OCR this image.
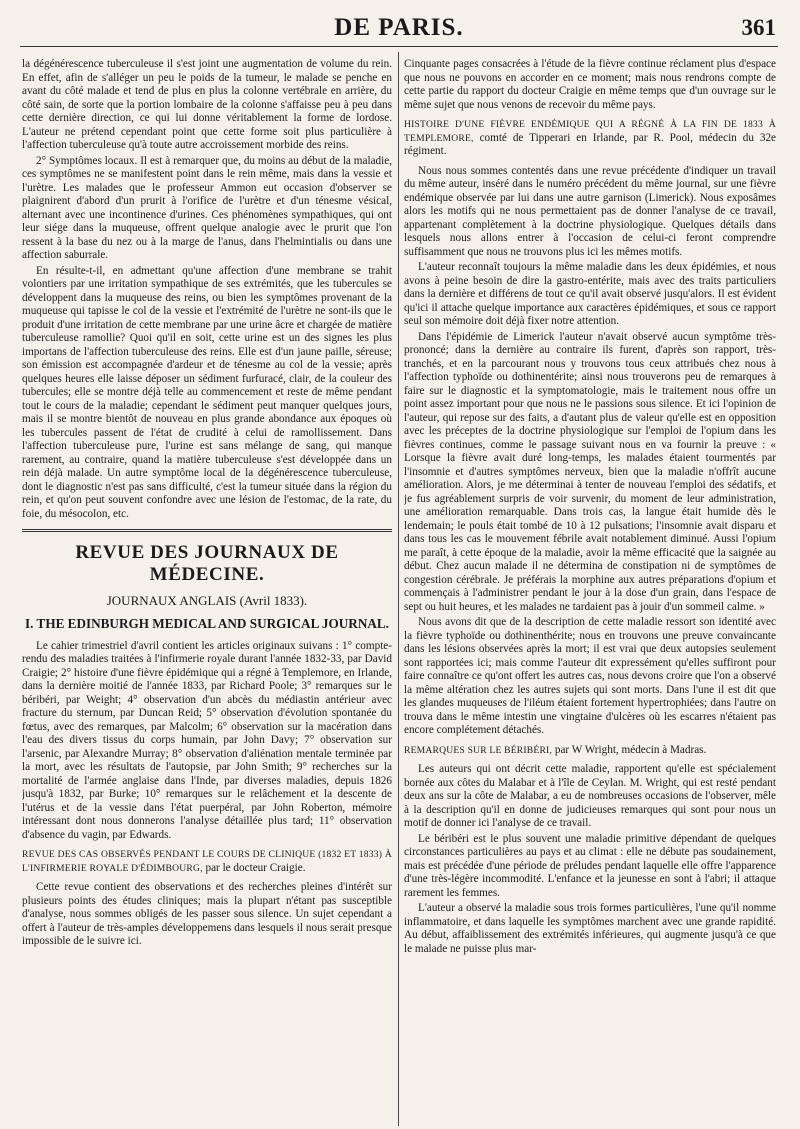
DE PARIS.	361

la dégénérescence tuberculeuse il s'est joint une augmentation de volume du rein. En effet, afin de s'alléger un peu le poids de la tumeur, le malade se penche en avant du côté malade et tend de plus en plus la colonne vertébrale en arrière, du côté sain, de sorte que la portion lombaire de la colonne s'affaisse peu à peu dans cette dernière direction, ce qui lui donne véritablement la forme de lordose. L'auteur ne prétend cependant point que cette forme soit plus particulière à l'affection tuberculeuse qu'à toute autre accroissement morbide des reins.

2° Symptômes locaux. Il est à remarquer que, du moins au début de la maladie, ces symptômes ne se manifestent point dans le rein même, mais dans la vessie et l'urètre. Les malades que le professeur Ammon eut occasion d'observer se plaignirent d'abord d'un prurit à l'orifice de l'urètre et d'un ténesme vésical, alternant avec une incontinence d'urines. Ces phénomènes sympathiques, qui ont leur siége dans la muqueuse, offrent quelque analogie avec le prurit que l'on ressent à la base du nez ou à la marge de l'anus, dans l'helmintialis ou dans une affection saburrale.

En résulte-t-il, en admettant qu'une affection d'une membrane se trahit volontiers par une irritation sympathique de ses extrémités, que les tubercules se développent dans la muqueuse des reins, ou bien les symptômes provenant de la muqueuse qui tapisse le col de la vessie et l'extrémité de l'urètre ne sont-ils que le produit d'une irritation de cette membrane par une urine âcre et chargée de matière tuberculeuse ramollie? Quoi qu'il en soit, cette urine est un des signes les plus importans de l'affection tuberculeuse des reins. Elle est d'un jaune paille, séreuse; son émission est accompagnée d'ardeur et de ténesme au col de la vessie; après quelques heures elle laisse déposer un sédiment furfuracé, clair, de la couleur des tubercules; elle se montre déjà telle au commencement et reste de même pendant tout le cours de la maladie; cependant le sédiment peut manquer quelques jours, mais il se montre bientôt de nouveau en plus grande abondance aux époques où les tubercules passent de l'état de crudité à celui de ramollissement. Dans l'affection tuberculeuse pure, l'urine est sans mélange de sang, qui manque rarement, au contraire, quand la matière tuberculeuse s'est développée dans un rein déjà malade. Un autre symptôme local de la dégénérescence tuberculeuse, dont le diagnostic n'est pas sans difficulté, c'est la tumeur située dans la région du rein, et qu'on peut souvent confondre avec une lésion de l'estomac, de la rate, du foie, du mésocolon, etc.

REVUE DES JOURNAUX DE MÉDECINE.
JOURNAUX ANGLAIS (Avril 1833).
I. THE EDINBURGH MEDICAL AND SURGICAL JOURNAL.

Le cahier trimestriel d'avril contient les articles originaux suivans : 1° compte-rendu des maladies traitées à l'infirmerie royale durant l'année 1832-33, par David Craigie; 2° histoire d'une fièvre épidémique qui a régné à Templemore, en Irlande, dans la dernière moitié de l'année 1833, par Richard Poole; 3° remarques sur le béribéri, par Weight; 4° observation d'un abcès du médiastin antérieur avec fracture du sternum, par Duncan Reid; 5° observation d'évolution spontanée du fœtus, avec des remarques, par Malcolm; 6° observation sur la macération dans l'eau des divers tissus du corps humain, par John Davy; 7° observation sur l'arsenic, par Alexandre Murray; 8° observation d'aliénation mentale terminée par la mort, avec les résultats de l'autopsie, par John Smith; 9° recherches sur la mortalité de l'armée anglaise dans l'Inde, par diverses maladies, depuis 1826 jusqu'à 1832, par Burke; 10° remarques sur le relâchement et la descente de l'utérus et de la vessie dans l'état puerpéral, par John Roberton, mémoire intéressant dont nous donnerons l'analyse détaillée plus tard; 11° observation d'absence du vagin, par Edwards.

REVUE DES CAS OBSERVÉS PENDANT LE COURS DE CLINIQUE (1832 ET 1833) À L'INFIRMERIE ROYALE D'ÉDIMBOURG, par le docteur Craigie.

Cette revue contient des observations et des recherches pleines d'intérêt sur plusieurs points des études cliniques; mais la plupart n'étant pas susceptible d'analyse, nous sommes obligés de les passer sous silence. Un sujet cependant a offert à l'auteur de très-amples développemens dans lesquels il nous serait presque impossible de le suivre ici.

Cinquante pages consacrées à l'étude de la fièvre continue réclament plus d'espace que nous ne pouvons en accorder en ce moment; mais nous rendrons compte de cette partie du rapport du docteur Craigie en même temps que d'un ouvrage sur le même sujet que nous venons de recevoir du même pays.

HISTOIRE D'UNE FIÈVRE ENDÉMIQUE QUI A RÉGNÉ À LA FIN DE 1833 À TEMPLEMORE, comté de Tipperari en Irlande, par R. Pool, médecin du 32e régiment.

Nous nous sommes contentés dans une revue précédente d'indiquer un travail du même auteur, inséré dans le numéro précédent du même journal, sur une fièvre endémique observée par lui dans une autre garnison (Limerick). Nous exposâmes alors les motifs qui ne nous permettaient pas de donner l'analyse de ce travail, appartenant complètement à la doctrine physiologique. Quelques détails dans lesquels nous allons entrer à l'occasion de celui-ci feront comprendre suffisamment que nous ne trouvons plus ici les mêmes motifs.

L'auteur reconnaît toujours la même maladie dans les deux épidémies, et nous avons à peine besoin de dire la gastro-entérite, mais avec des traits particuliers dans la dernière et différens de tout ce qu'il avait observé jusqu'alors. Il est évident qu'ici il attache quelque importance aux caractères épidémiques, et sous ce rapport seul son mémoire doit déjà fixer notre attention.

Dans l'épidémie de Limerick l'auteur n'avait observé aucun symptôme très-prononcé; dans la dernière au contraire ils furent, d'après son rapport, très-tranchés, et en la parcourant nous y trouvons tous ceux attribués chez nous à l'affection typhoïde ou dothinentérite; ainsi nous trouverons peu de remarques à faire sur le diagnostic et la symptomatologie, mais le traitement nous offre un point assez important pour que nous ne le passions sous silence. Et ici l'opinion de l'auteur, qui repose sur des faits, a d'autant plus de valeur qu'elle est en opposition avec les préceptes de la doctrine physiologique sur l'emploi de l'opium dans les fièvres continues, comme le passage suivant nous en va fournir la preuve : « Lorsque la fièvre avait duré long-temps, les malades étaient tourmentés par l'insomnie et d'autres symptômes nerveux, bien que la maladie n'offrît aucune amélioration. Alors, je me déterminai à tenter de nouveau l'emploi des sédatifs, et je fus agréablement surpris de voir survenir, du moment de leur administration, une amélioration remarquable. Dans trois cas, la langue était humide dès le lendemain; le pouls était tombé de 10 à 12 pulsations; l'insomnie avait disparu et dans tous les cas le mouvement fébrile avait notablement diminué. Aussi l'opium me paraît, à cette époque de la maladie, avoir la même efficacité que la saignée au début. Chez aucun malade il ne détermina de constipation ni de symptômes de congestion cérébrale. Je préférais la morphine aux autres préparations d'opium et commençais à l'administrer pendant le jour à la dose d'un grain, dans l'espace de sept ou huit heures, et les malades ne tardaient pas à jouir d'un sommeil calme. »

Nous avons dit que de la description de cette maladie ressort son identité avec la fièvre typhoïde ou dothinenthérite; nous en trouvons une preuve convaincante dans les lésions observées après la mort; il est vrai que deux autopsies seulement sont rapportées ici; mais comme l'auteur dit expressément qu'elles suffiront pour faire connaître ce qu'ont offert les autres cas, nous devons croire que l'on a observé la même altération chez les autres sujets qui sont morts. Dans l'une il est dit que les glandes muqueuses de l'iléum étaient fortement hypertrophiées; dans l'autre on trouva dans le même intestin une vingtaine d'ulcères où les escarres n'étaient pas encore complétement détachés.

REMARQUES SUR LE BÉRIBÉRI, par W Wright, médecin à Madras.

Les auteurs qui ont décrit cette maladie, rapportent qu'elle est spécialement bornée aux côtes du Malabar et à l'île de Ceylan. M. Wright, qui est resté pendant deux ans sur la côte de Malabar, a eu de nombreuses occasions de l'observer, mêle à la description qu'il en donne de judicieuses remarques qui sont pour nous un motif de donner ici l'analyse de ce travail.

Le béribéri est le plus souvent une maladie primitive dépendant de quelques circonstances particulières au pays et au climat : elle ne débute pas soudainement, mais est précédée d'une période de préludes pendant laquelle elle offre l'apparence d'une très-légère incommodité. L'enfance et la jeunesse en sont à l'abri; il attaque rarement les femmes.

L'auteur a observé la maladie sous trois formes particulières, l'une qu'il nomme inflammatoire, et dans laquelle les symptômes marchent avec une grande rapidité. Au début, affaiblissement des extrémités inférieures, qui augmente jusqu'à ce que le malade ne puisse plus mar-
